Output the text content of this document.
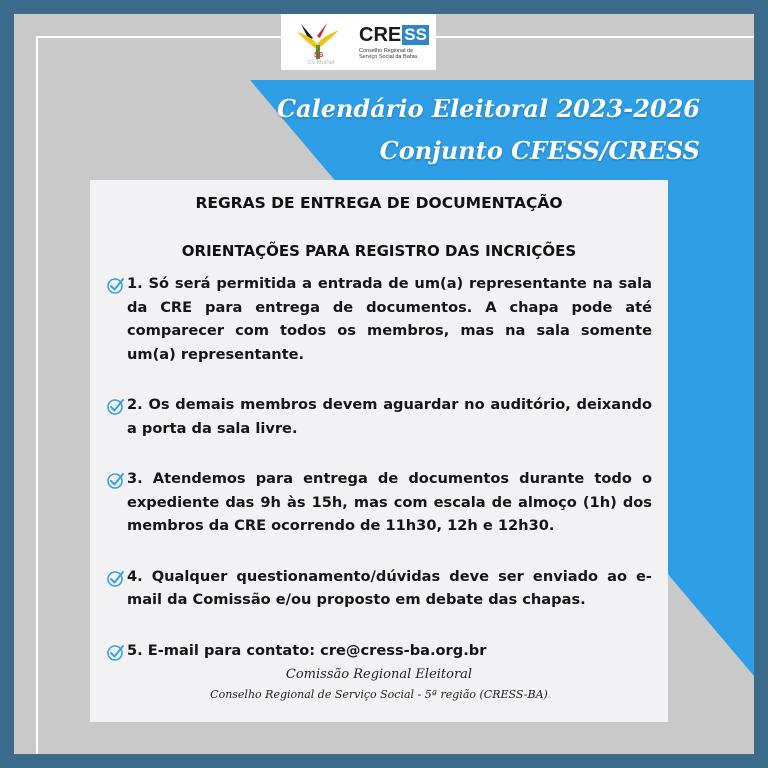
SS
SS Mulher
CRE SS
Conselho Regional de
Serviço Social da Bahia
Calendário Eleitoral 2023-2026
Conjunto CFESS/CRESS
REGRAS DE ENTREGA DE DOCUMENTAÇÃO
ORIENTAÇÕES PARA REGISTRO DAS INCRIÇÕES
1. Só será permitida a entrada de um(a) representante na sala da CRE para entrega de documentos. A chapa pode até comparecer com todos os membros, mas na sala somente um(a) representante.
2. Os demais membros devem aguardar no auditório, deixando a porta da sala livre.
3. Atendemos para entrega de documentos durante todo o expediente das 9h às 15h, mas com escala de almoço (1h) dos membros da CRE ocorrendo de 11h30, 12h e 12h30.
4. Qualquer questionamento/dúvidas deve ser enviado ao e-mail da Comissão e/ou proposto em debate das chapas.
5. E-mail para contato: cre@cress-ba.org.br
Comissão Regional Eleitoral
Conselho Regional de Serviço Social - 5ª região (CRESS-BA)
